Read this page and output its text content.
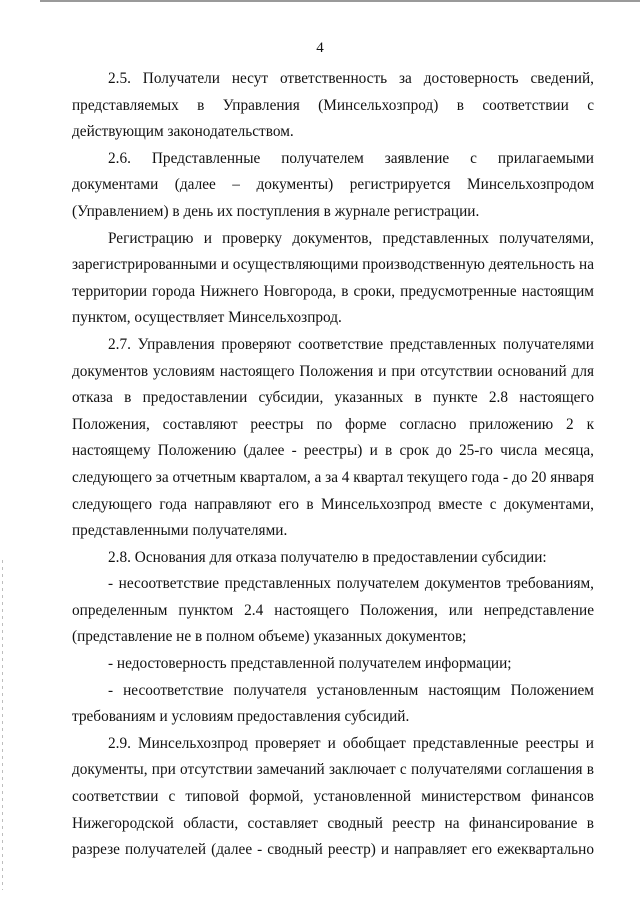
4

2.5. Получатели несут ответственность за достоверность сведений,

представляемых в Управления (Минсельхозпрод) в соответствии с

действующим законодательством.

2.6. Представленные получателем заявление с прилагаемыми

документами (далее – документы) регистрируется Минсельхозпродом

(Управлением) в день их поступления в журнале регистрации.

Регистрацию и проверку документов, представленных получателями,

зарегистрированными и осуществляющими производственную деятельность на

территории города Нижнего Новгорода, в сроки, предусмотренные настоящим

пунктом, осуществляет Минсельхозпрод.

2.7. Управления проверяют соответствие представленных получателями

документов условиям настоящего Положения и при отсутствии оснований для

отказа в предоставлении субсидии, указанных в пункте 2.8 настоящего

Положения, составляют реестры по форме согласно приложению 2 к

настоящему Положению (далее - реестры) и в срок до 25-го числа месяца,

следующего за отчетным кварталом, а за 4 квартал текущего года - до 20 января

следующего года направляют его в Минсельхозпрод вместе с документами,

представленными получателями.

2.8. Основания для отказа получателю в предоставлении субсидии:

- несоответствие представленных получателем документов требованиям,

определенным пунктом 2.4 настоящего Положения, или непредставление

(представление не в полном объеме) указанных документов;

- недостоверность представленной получателем информации;

- несоответствие получателя установленным настоящим Положением

требованиям и условиям предоставления субсидий.

2.9. Минсельхозпрод проверяет и обобщает представленные реестры и

документы, при отсутствии замечаний заключает с получателями соглашения в

соответствии с типовой формой, установленной министерством финансов

Нижегородской области, составляет сводный реестр на финансирование в

разрезе получателей (далее - сводный реестр) и направляет его ежеквартально
